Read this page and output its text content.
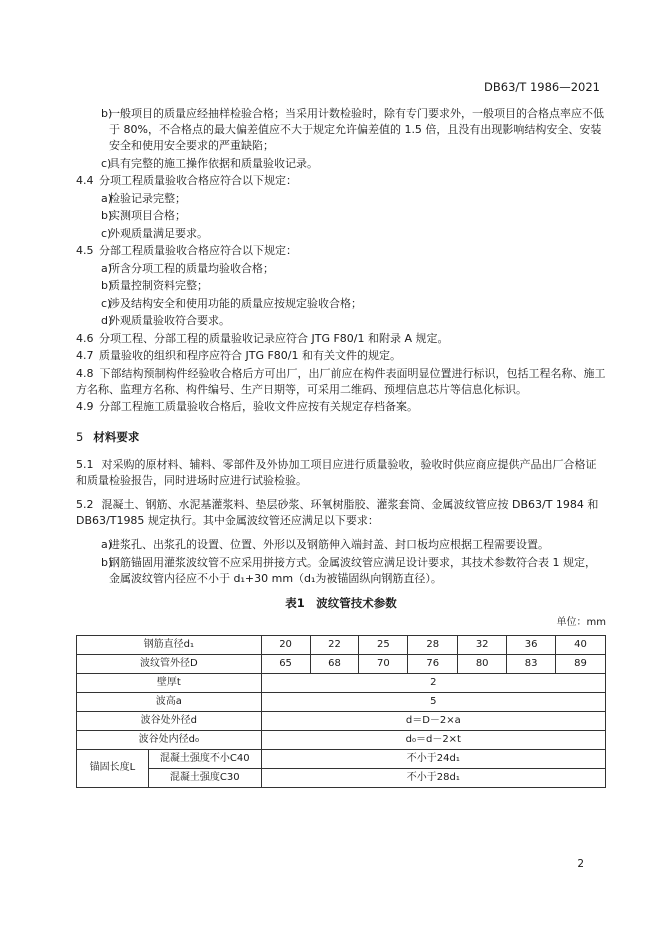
DB63/T 1986—2021
b)
一般项目的质量应经抽样检验合格；当采用计数检验时，除有专门要求外，一般项目的合格点率应不低于 80%，不合格点的最大偏差值应不大于规定允许偏差值的 1.5 倍，且没有出现影响结构安全、安装安全和使用安全要求的严重缺陷；
c)
具有完整的施工操作依据和质量验收记录。
4.4 分项工程质量验收合格应符合以下规定：
a)
检验记录完整；
b)
实测项目合格；
c)
外观质量满足要求。
4.5 分部工程质量验收合格应符合以下规定：
a)
所含分项工程的质量均验收合格；
b)
质量控制资料完整；
c)
涉及结构安全和使用功能的质量应按规定验收合格；
d)
外观质量验收符合要求。
4.6 分项工程、分部工程的质量验收记录应符合 JTG F80/1 和附录 A 规定。
4.7 质量验收的组织和程序应符合 JTG F80/1 和有关文件的规定。
4.8 下部结构预制构件经验收合格后方可出厂，出厂前应在构件表面明显位置进行标识，包括工程名称、施工方名称、监理方名称、构件编号、生产日期等，可采用二维码、预埋信息芯片等信息化标识。
4.9 分部工程施工质量验收合格后，验收文件应按有关规定存档备案。
5 材料要求
5.1 对采购的原材料、辅料、零部件及外协加工项目应进行质量验收，验收时供应商应提供产品出厂合格证和质量检验报告，同时进场时应进行试验检验。
5.2 混凝土、钢筋、水泥基灌浆料、垫层砂浆、环氧树脂胶、灌浆套筒、金属波纹管应按 DB63/T 1984 和 DB63/T1985 规定执行。其中金属波纹管还应满足以下要求：
a)
进浆孔、出浆孔的设置、位置、外形以及钢筋伸入端封盖、封口板均应根据工程需要设置。
b)
钢筋锚固用灌浆波纹管不应采用拼接方式。金属波纹管应满足设计要求，其技术参数符合表 1 规定，金属波纹管内径应不小于 d₁+30 mm（d₁为被锚固纵向钢筋直径）。
表1　波纹管技术参数
单位：mm
钢筋直径d₁		20	22	25	28	32	36	40
波纹管外径D		65	68	70	76	80	83	89
壁厚t		2						
波高a		5						
波谷处外径d		d＝D－2×a						
波谷处内径d₀		d₀＝d－2×t						
锚固长度L	混凝土强度不小C40	不小于24d₁						
	混凝土强度C30	不小于28d₁						
2
